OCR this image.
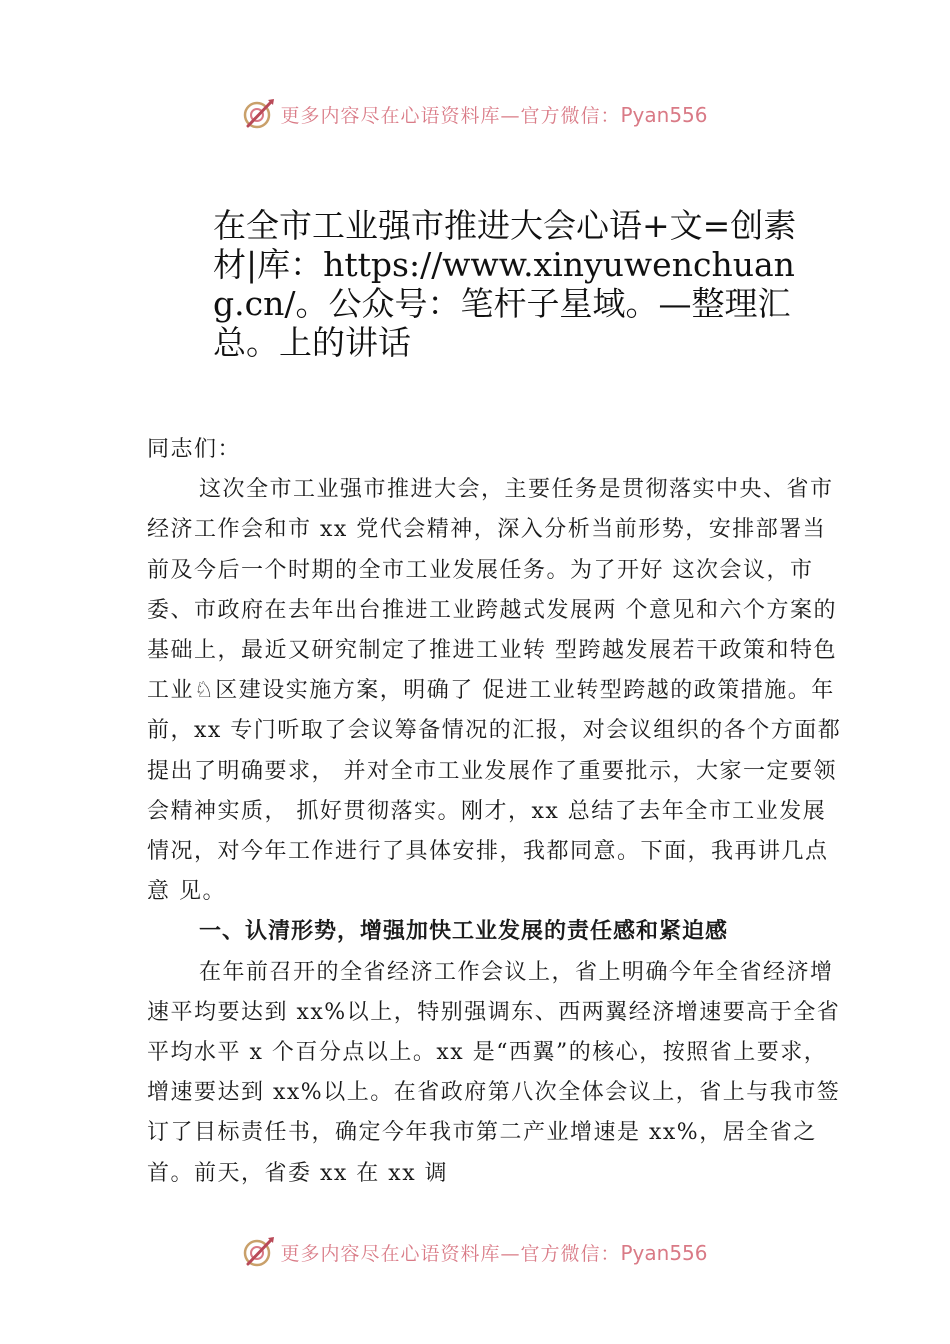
更多内容尽在心语资料库—官方微信：Pyan556
在全市工业强市推进大会心语+文=创素材|库：https://www.xinyuwenchuang.cn/。公众号：笔杆子星域。—整理汇总。上的讲话

同志们：

这次全市工业强市推进大会，主要任务是贯彻落实中央、省市经济工作会和市 xx 党代会精神，深入分析当前形势，安排部署当前及今后一个时期的全市工业发展任务。为了开好 这次会议，市委、市政府在去年出台推进工业跨越式发展两 个意见和六个方案的基础上，最近又研究制定了推进工业转 型跨越发展若干政策和特色工业♘区建设实施方案，明确了 促进工业转型跨越的政策措施。年前，xx 专门听取了会议筹备情况的汇报，对会议组织的各个方面都提出了明确要求， 并对全市工业发展作了重要批示，大家一定要领会精神实质， 抓好贯彻落实。刚才，xx 总结了去年全市工业发展情况，对今年工作进行了具体安排，我都同意。下面，我再讲几点意 见。

一、认清形势，增强加快工业发展的责任感和紧迫感

在年前召开的全省经济工作会议上，省上明确今年全省经济增速平均要达到 xx%以上，特别强调东、西两翼经济增速要高于全省平均水平 x 个百分点以上。xx 是“西翼”的核心，按照省上要求，增速要达到 xx%以上。在省政府第八次全体会议上，省上与我市签订了目标责任书，确定今年我市第二产业增速是 xx%，居全省之首。前天，省委 xx 在 xx 调

更多内容尽在心语资料库—官方微信：Pyan556
